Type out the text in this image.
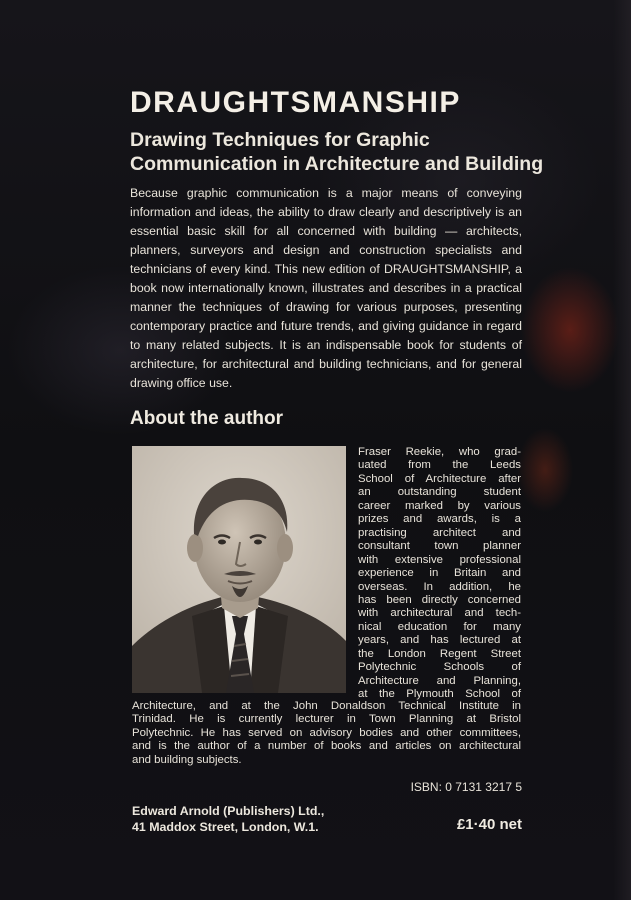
DRAUGHTSMANSHIP
Drawing Techniques for Graphic
Communication in Architecture and Building
Because graphic communication is a major means of conveying information and ideas, the ability to draw clearly and descriptively is an essential basic skill for all concerned with building — architects, planners, surveyors and design and construction specialists and technicians of every kind. This new edition of DRAUGHTSMANSHIP, a book now internationally known, illustrates and describes in a practical manner the techniques of drawing for various purposes, presenting contemporary practice and future trends, and giving guidance in regard to many related subjects. It is an indispensable book for students of architecture, for architectural and building technicians, and for general drawing office use.
About the author
Fraser Reekie, who grad-
uated from the Leeds
School of Architecture after
an outstanding student
career marked by various
prizes and awards, is a
practising architect and
consultant town planner
with extensive professional
experience in Britain and
overseas. In addition, he
has been directly concerned
with architectural and tech-
nical education for many
years, and has lectured at
the London Regent Street
Polytechnic Schools of
Architecture and Planning,
at the Plymouth School of
Architecture, and at the John Donaldson Technical Institute in
Trinidad. He is currently lecturer in Town Planning at Bristol
Polytechnic. He has served on advisory bodies and other committees,
and is the author of a number of books and articles on architectural
and building subjects.
ISBN: 0 7131 3217 5
Edward Arnold (Publishers) Ltd.,
41 Maddox Street, London, W.1.	£1·40 net
